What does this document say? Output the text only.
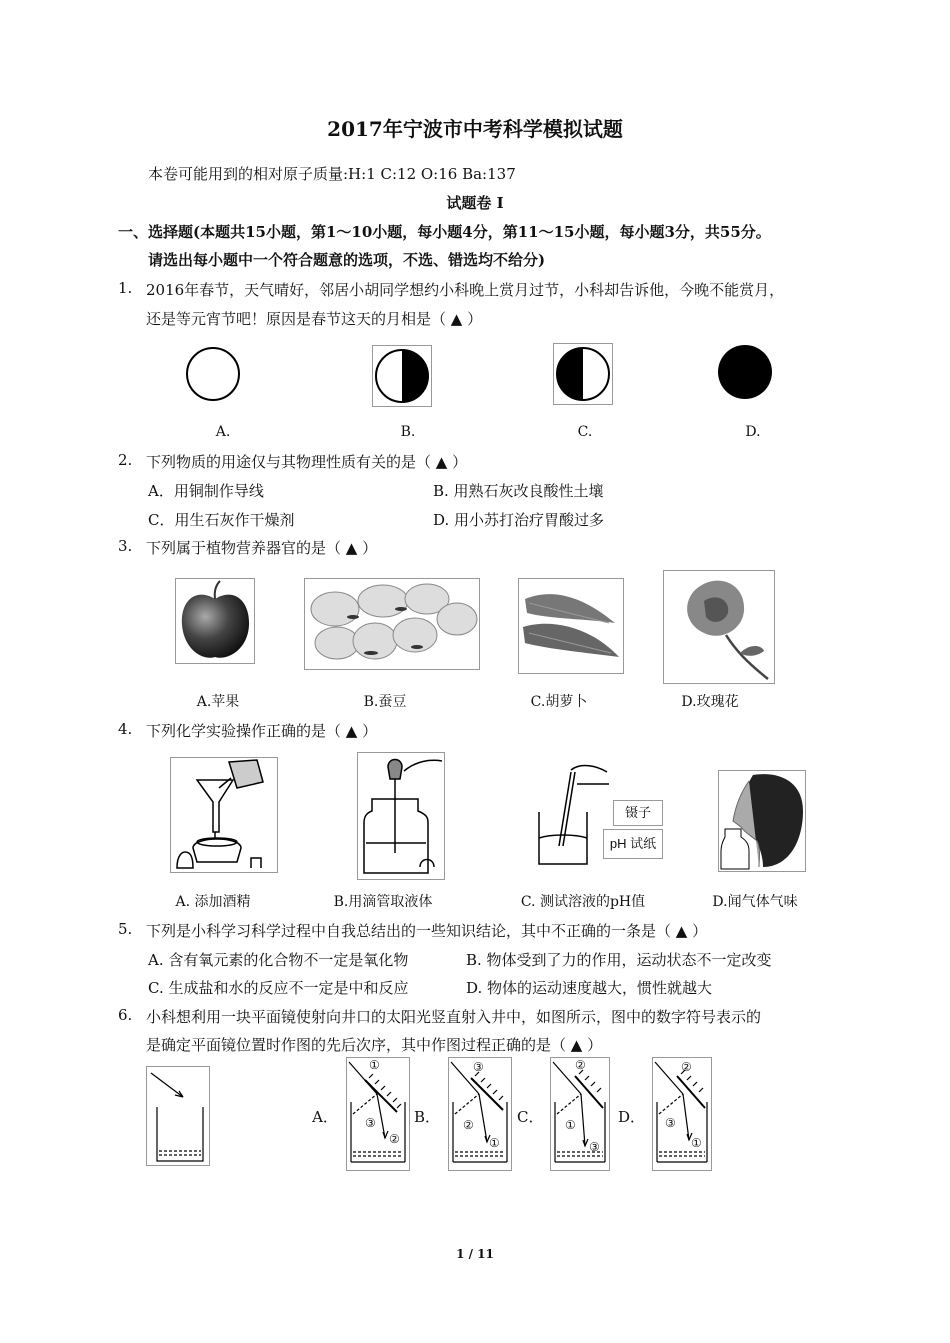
2017年宁波市中考科学模拟试题
本卷可能用到的相对原子质量:H:1 C:12 O:16 Ba:137
试题卷 Ⅰ
一、选择题(本题共15小题，第1～10小题，每小题4分，第11～15小题，每小题3分，共55分。
请选出每小题中一个符合题意的选项，不选、错选均不给分)
1. 2016年春节，天气晴好，邻居小胡同学想约小科晚上赏月过节，小科却告诉他，今晚不能赏月，
还是等元宵节吧！原因是春节这天的月相是（ ▲ ）
A.	B.	C.	D.
2. 下列物质的用途仅与其物理性质有关的是（ ▲ ）
A．用铜制作导线	B. 用熟石灰改良酸性土壤
C．用生石灰作干燥剂	D. 用小苏打治疗胃酸过多
3. 下列属于植物营养器官的是（ ▲ ）
A.苹果	B.蚕豆	C.胡萝卜	D.玫瑰花
4. 下列化学实验操作正确的是（ ▲ ）
镊子
pH 试纸
A. 添加酒精	B.用滴管取液体	C. 测试溶液的pH值	D.闻气体气味
5. 下列是小科学习科学过程中自我总结出的一些知识结论，其中不正确的一条是（ ▲ ）
A. 含有氧元素的化合物不一定是氧化物	B. 物体受到了力的作用，运动状态不一定改变
C. 生成盐和水的反应不一定是中和反应	D. 物体的运动速度越大，惯性就越大
6. 小科想利用一块平面镜使射向井口的太阳光竖直射入井中，如图所示，图中的数字符号表示的
是确定平面镜位置时作图的先后次序，其中作图过程正确的是（ ▲ ）
A．	B．	C．	D．
①
③
②
③
②
①
②
①
③
②
③
①
1 / 11
